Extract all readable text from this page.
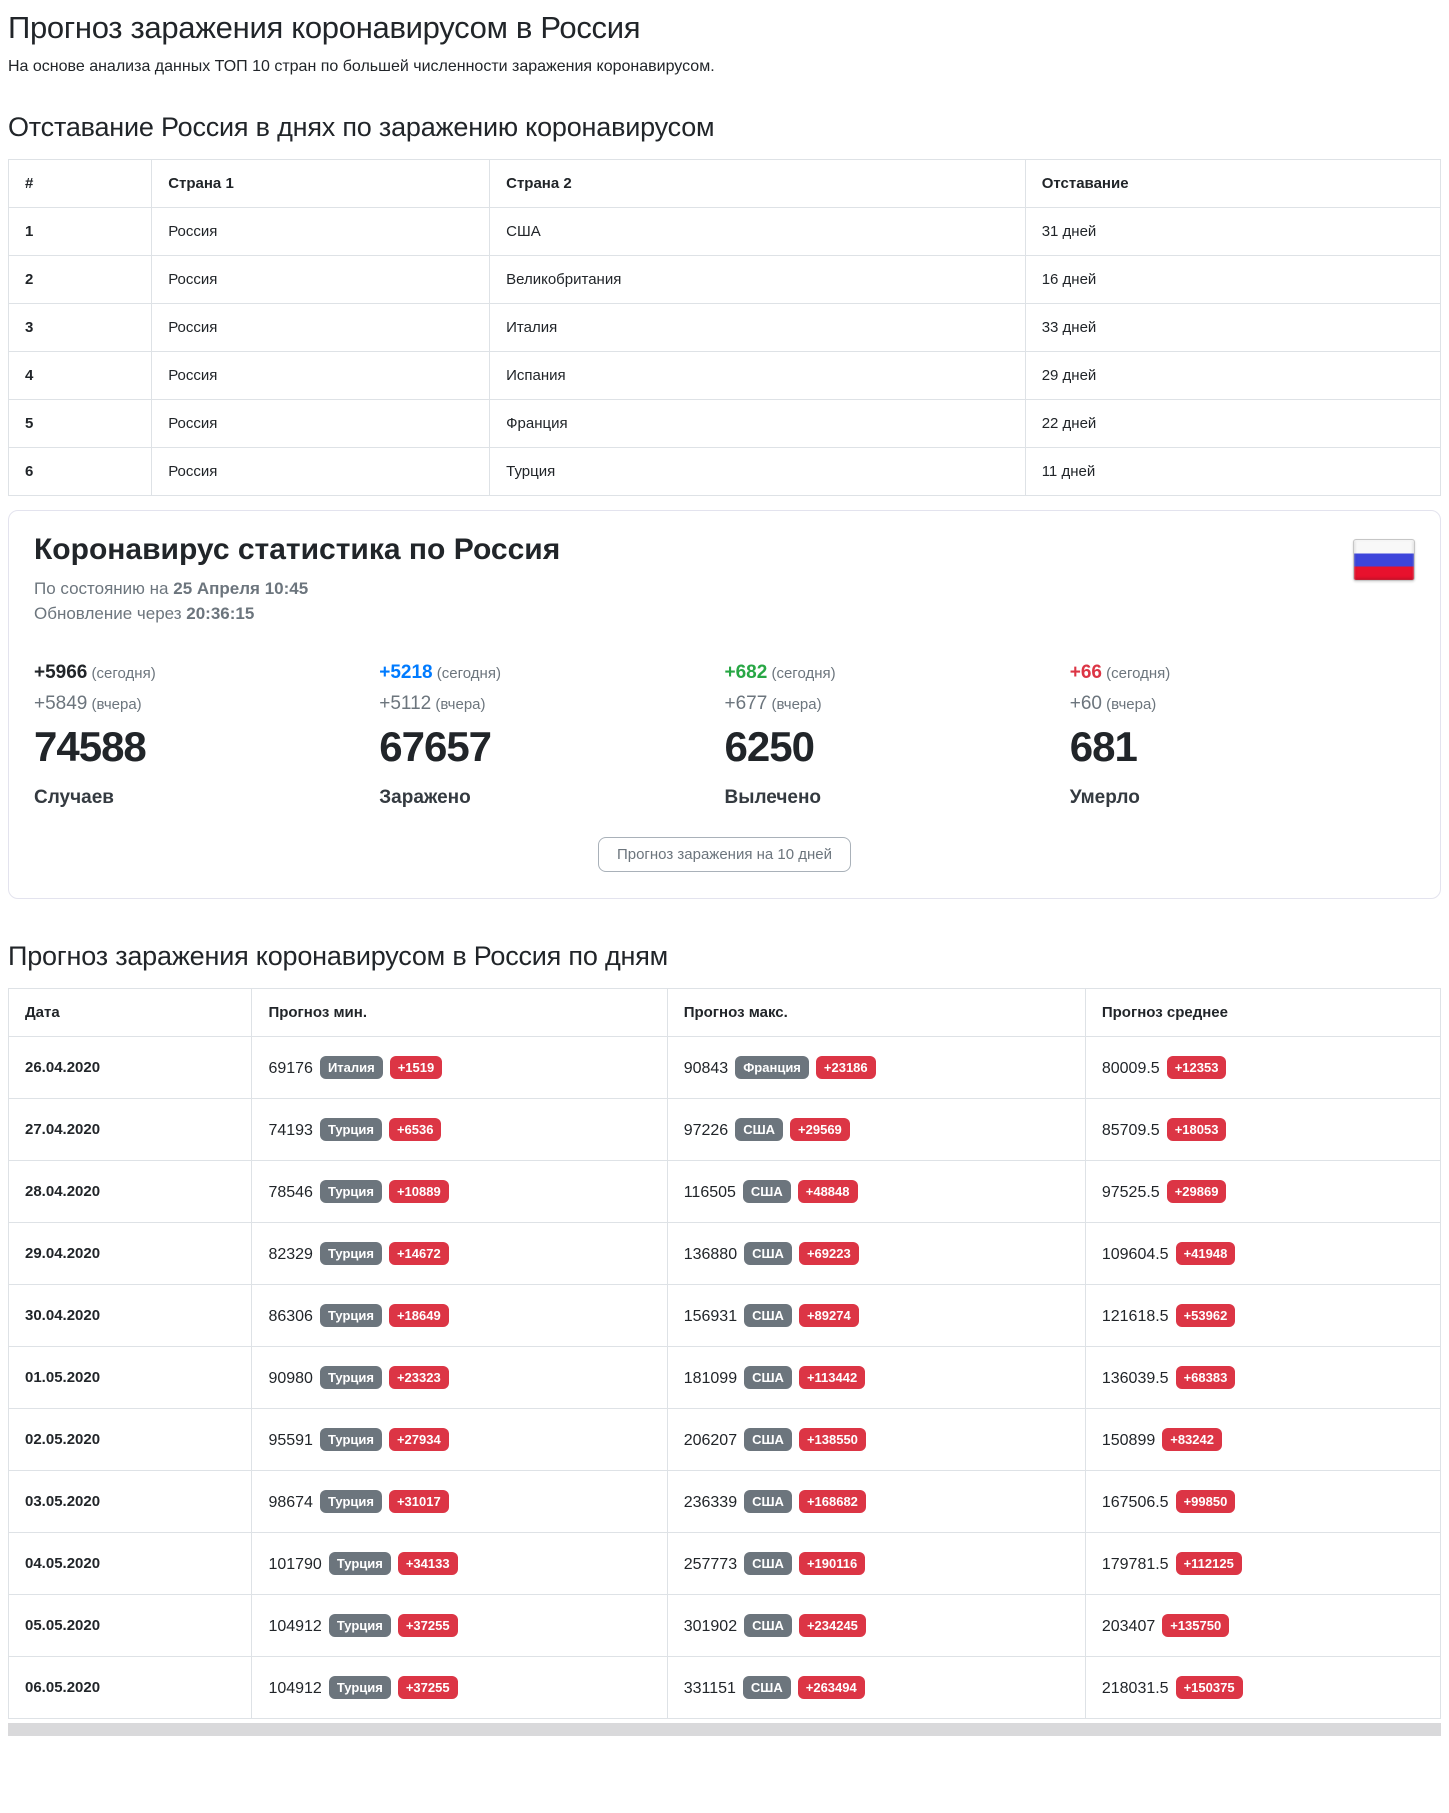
Прогноз заражения коронавирусом в Россия

На основе анализа данных ТОП 10 стран по большей численности заражения коронавирусом.

Отставание Россия в днях по заражению коронавирусом
#	Страна 1	Страна 2	Отставание
1	Россия	США	31 дней
2	Россия	Великобритания	16 дней
3	Россия	Италия	33 дней
4	Россия	Испания	29 дней
5	Россия	Франция	22 дней
6	Россия	Турция	11 дней
Коронавирус статистика по Россия
По состоянию на 25 Апреля 10:45
Обновление через 20:36:15
+5966 (сегодня)
+5849 (вчера)
74588
Случаев
+5218 (сегодня)
+5112 (вчера)
67657
Заражено
+682 (сегодня)
+677 (вчера)
6250
Вылечено
+66 (сегодня)
+60 (вчера)
681
Умерло
Прогноз заражения на 10 дней
Прогноз заражения коронавирусом в Россия по дням
Дата	Прогноз мин.	Прогноз макс.	Прогноз среднее
26.04.2020	69176 Италия +1519	90843 Франция +23186	80009.5 +12353
27.04.2020	74193 Турция +6536	97226 США +29569	85709.5 +18053
28.04.2020	78546 Турция +10889	116505 США +48848	97525.5 +29869
29.04.2020	82329 Турция +14672	136880 США +69223	109604.5 +41948
30.04.2020	86306 Турция +18649	156931 США +89274	121618.5 +53962
01.05.2020	90980 Турция +23323	181099 США +113442	136039.5 +68383
02.05.2020	95591 Турция +27934	206207 США +138550	150899 +83242
03.05.2020	98674 Турция +31017	236339 США +168682	167506.5 +99850
04.05.2020	101790 Турция +34133	257773 США +190116	179781.5 +112125
05.05.2020	104912 Турция +37255	301902 США +234245	203407 +135750
06.05.2020	104912 Турция +37255	331151 США +263494	218031.5 +150375
